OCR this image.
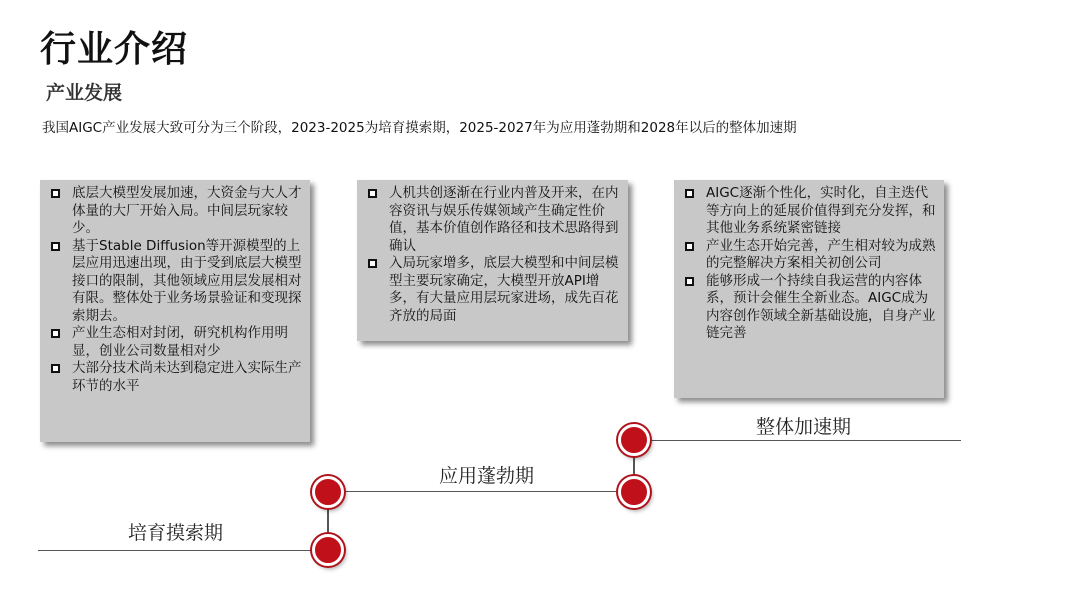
行业介绍
产业发展
我国AIGC产业发展大致可分为三个阶段，2023-2025为培育摸索期，2025-2027年为应用蓬勃期和2028年以后的整体加速期
底层大模型发展加速，大资金与大人才体量的大厂开始入局。中间层玩家较少。
基于Stable Diffusion等开源模型的上层应用迅速出现，由于受到底层大模型接口的限制，其他领域应用层发展相对有限。整体处于业务场景验证和变现探索期去。
产业生态相对封闭，研究机构作用明显，创业公司数量相对少
大部分技术尚未达到稳定进入实际生产环节的水平
人机共创逐渐在行业内普及开来，在内容资讯与娱乐传媒领域产生确定性价值，基本价值创作路径和技术思路得到确认
入局玩家增多，底层大模型和中间层模型主要玩家确定，大模型开放API增多，有大量应用层玩家进场，成先百花齐放的局面
AIGC逐渐个性化，实时化，自主迭代等方向上的延展价值得到充分发挥，和其他业务系统紧密链接
产业生态开始完善，产生相对较为成熟的完整解决方案相关初创公司
能够形成一个持续自我运营的内容体系，预计会催生全新业态。AIGC成为内容创作领域全新基础设施，自身产业链完善
培育摸索期
应用蓬勃期
整体加速期
